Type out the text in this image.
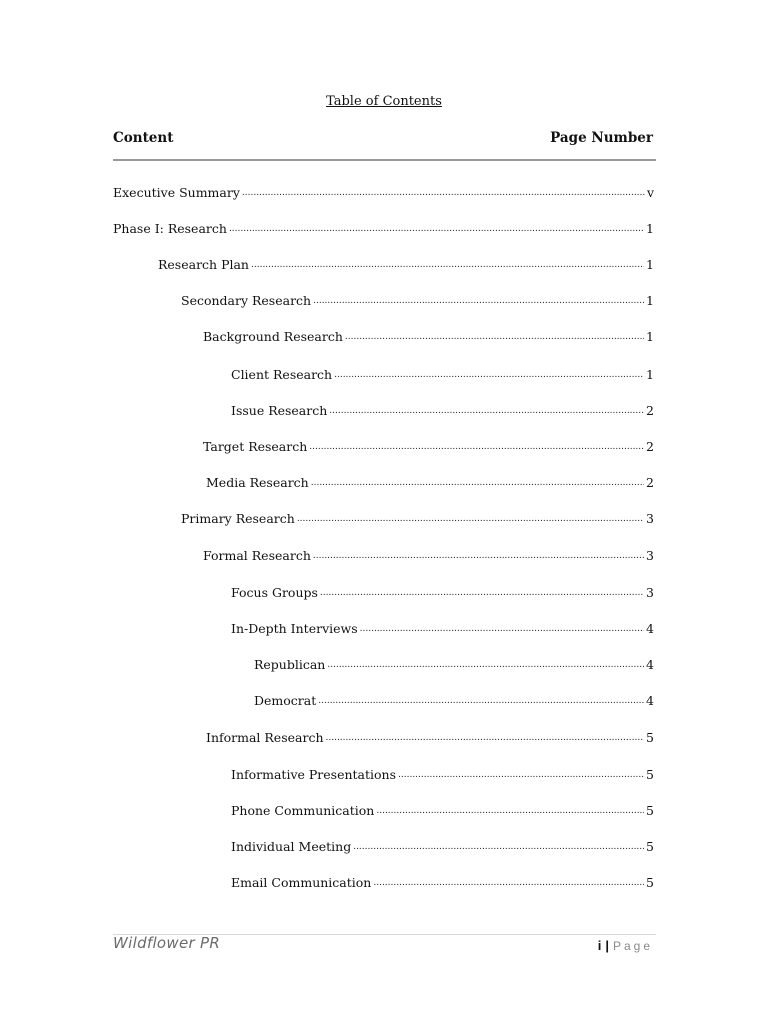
Table of Contents
Content	Page Number
Executive Summary .....	v
Phase I: Research .....	1
Research Plan .....	1
Secondary Research .....	1
Background Research .....	1
Client Research .....	1
Issue Research .....	2
Target Research .....	2
Media Research .....	2
Primary Research .....	3
Formal Research .....	3
Focus Groups .....	3
In-Depth Interviews .....	4
Republican .....	4
Democrat .....	4
Informal Research .....	5
Informative Presentations .....	5
Phone Communication .....	5
Individual Meeting .....	5
Email Communication .....	5
Wildflower PR	i | Page
